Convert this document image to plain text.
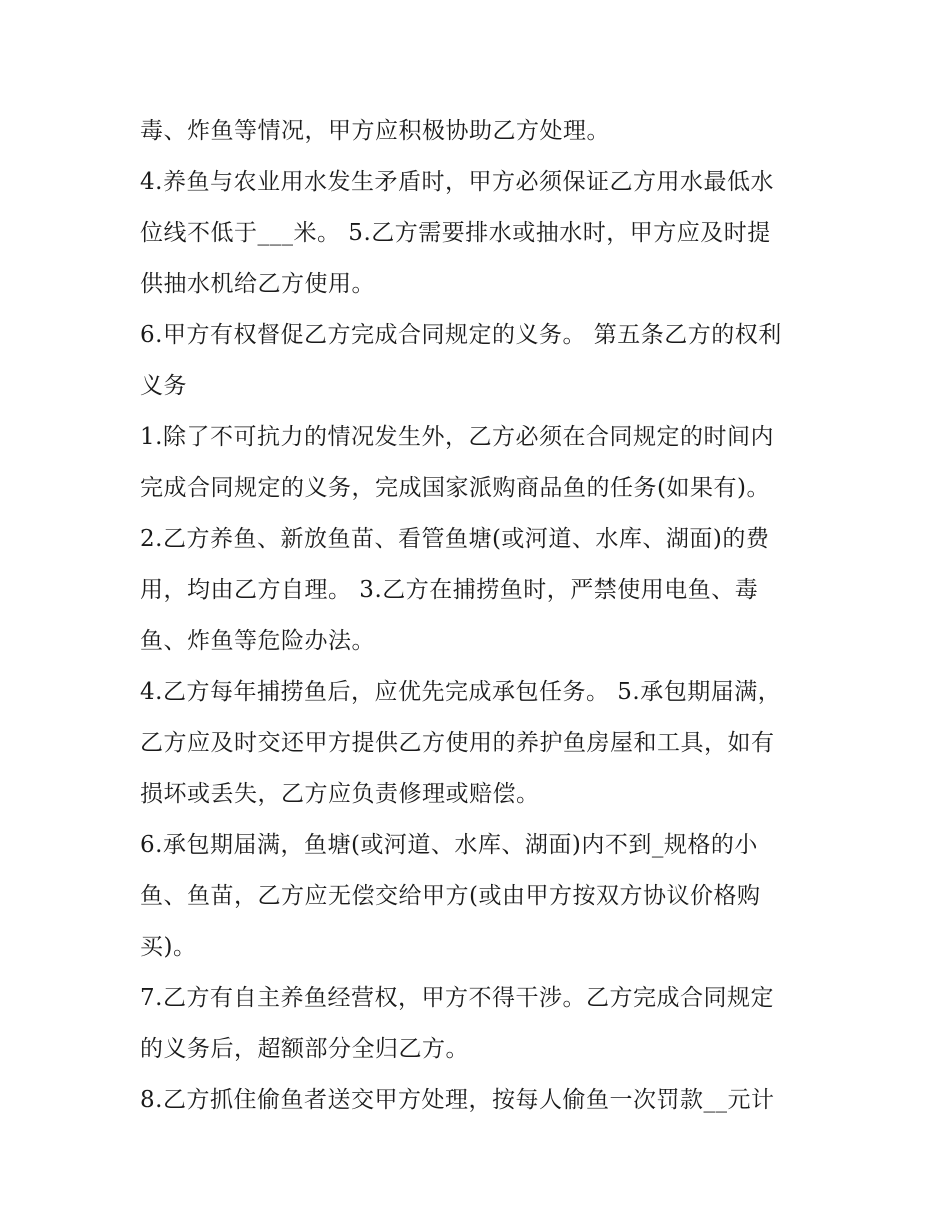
毒、炸鱼等情况，甲方应积极协助乙方处理。
4.养鱼与农业用水发生矛盾时，甲方必须保证乙方用水最低水
位线不低于___米。 5.乙方需要排水或抽水时，甲方应及时提
供抽水机给乙方使用。
6.甲方有权督促乙方完成合同规定的义务。 第五条乙方的权利
义务
1.除了不可抗力的情况发生外，乙方必须在合同规定的时间内
完成合同规定的义务，完成国家派购商品鱼的任务(如果有)。
2.乙方养鱼、新放鱼苗、看管鱼塘(或河道、水库、湖面)的费
用，均由乙方自理。 3.乙方在捕捞鱼时，严禁使用电鱼、毒
鱼、炸鱼等危险办法。
4.乙方每年捕捞鱼后，应优先完成承包任务。 5.承包期届满，
乙方应及时交还甲方提供乙方使用的养护鱼房屋和工具，如有
损坏或丢失，乙方应负责修理或赔偿。
6.承包期届满，鱼塘(或河道、水库、湖面)内不到_规格的小
鱼、鱼苗，乙方应无偿交给甲方(或由甲方按双方协议价格购
买)。
7.乙方有自主养鱼经营权，甲方不得干涉。乙方完成合同规定
的义务后，超额部分全归乙方。
8.乙方抓住偷鱼者送交甲方处理，按每人偷鱼一次罚款__元计
